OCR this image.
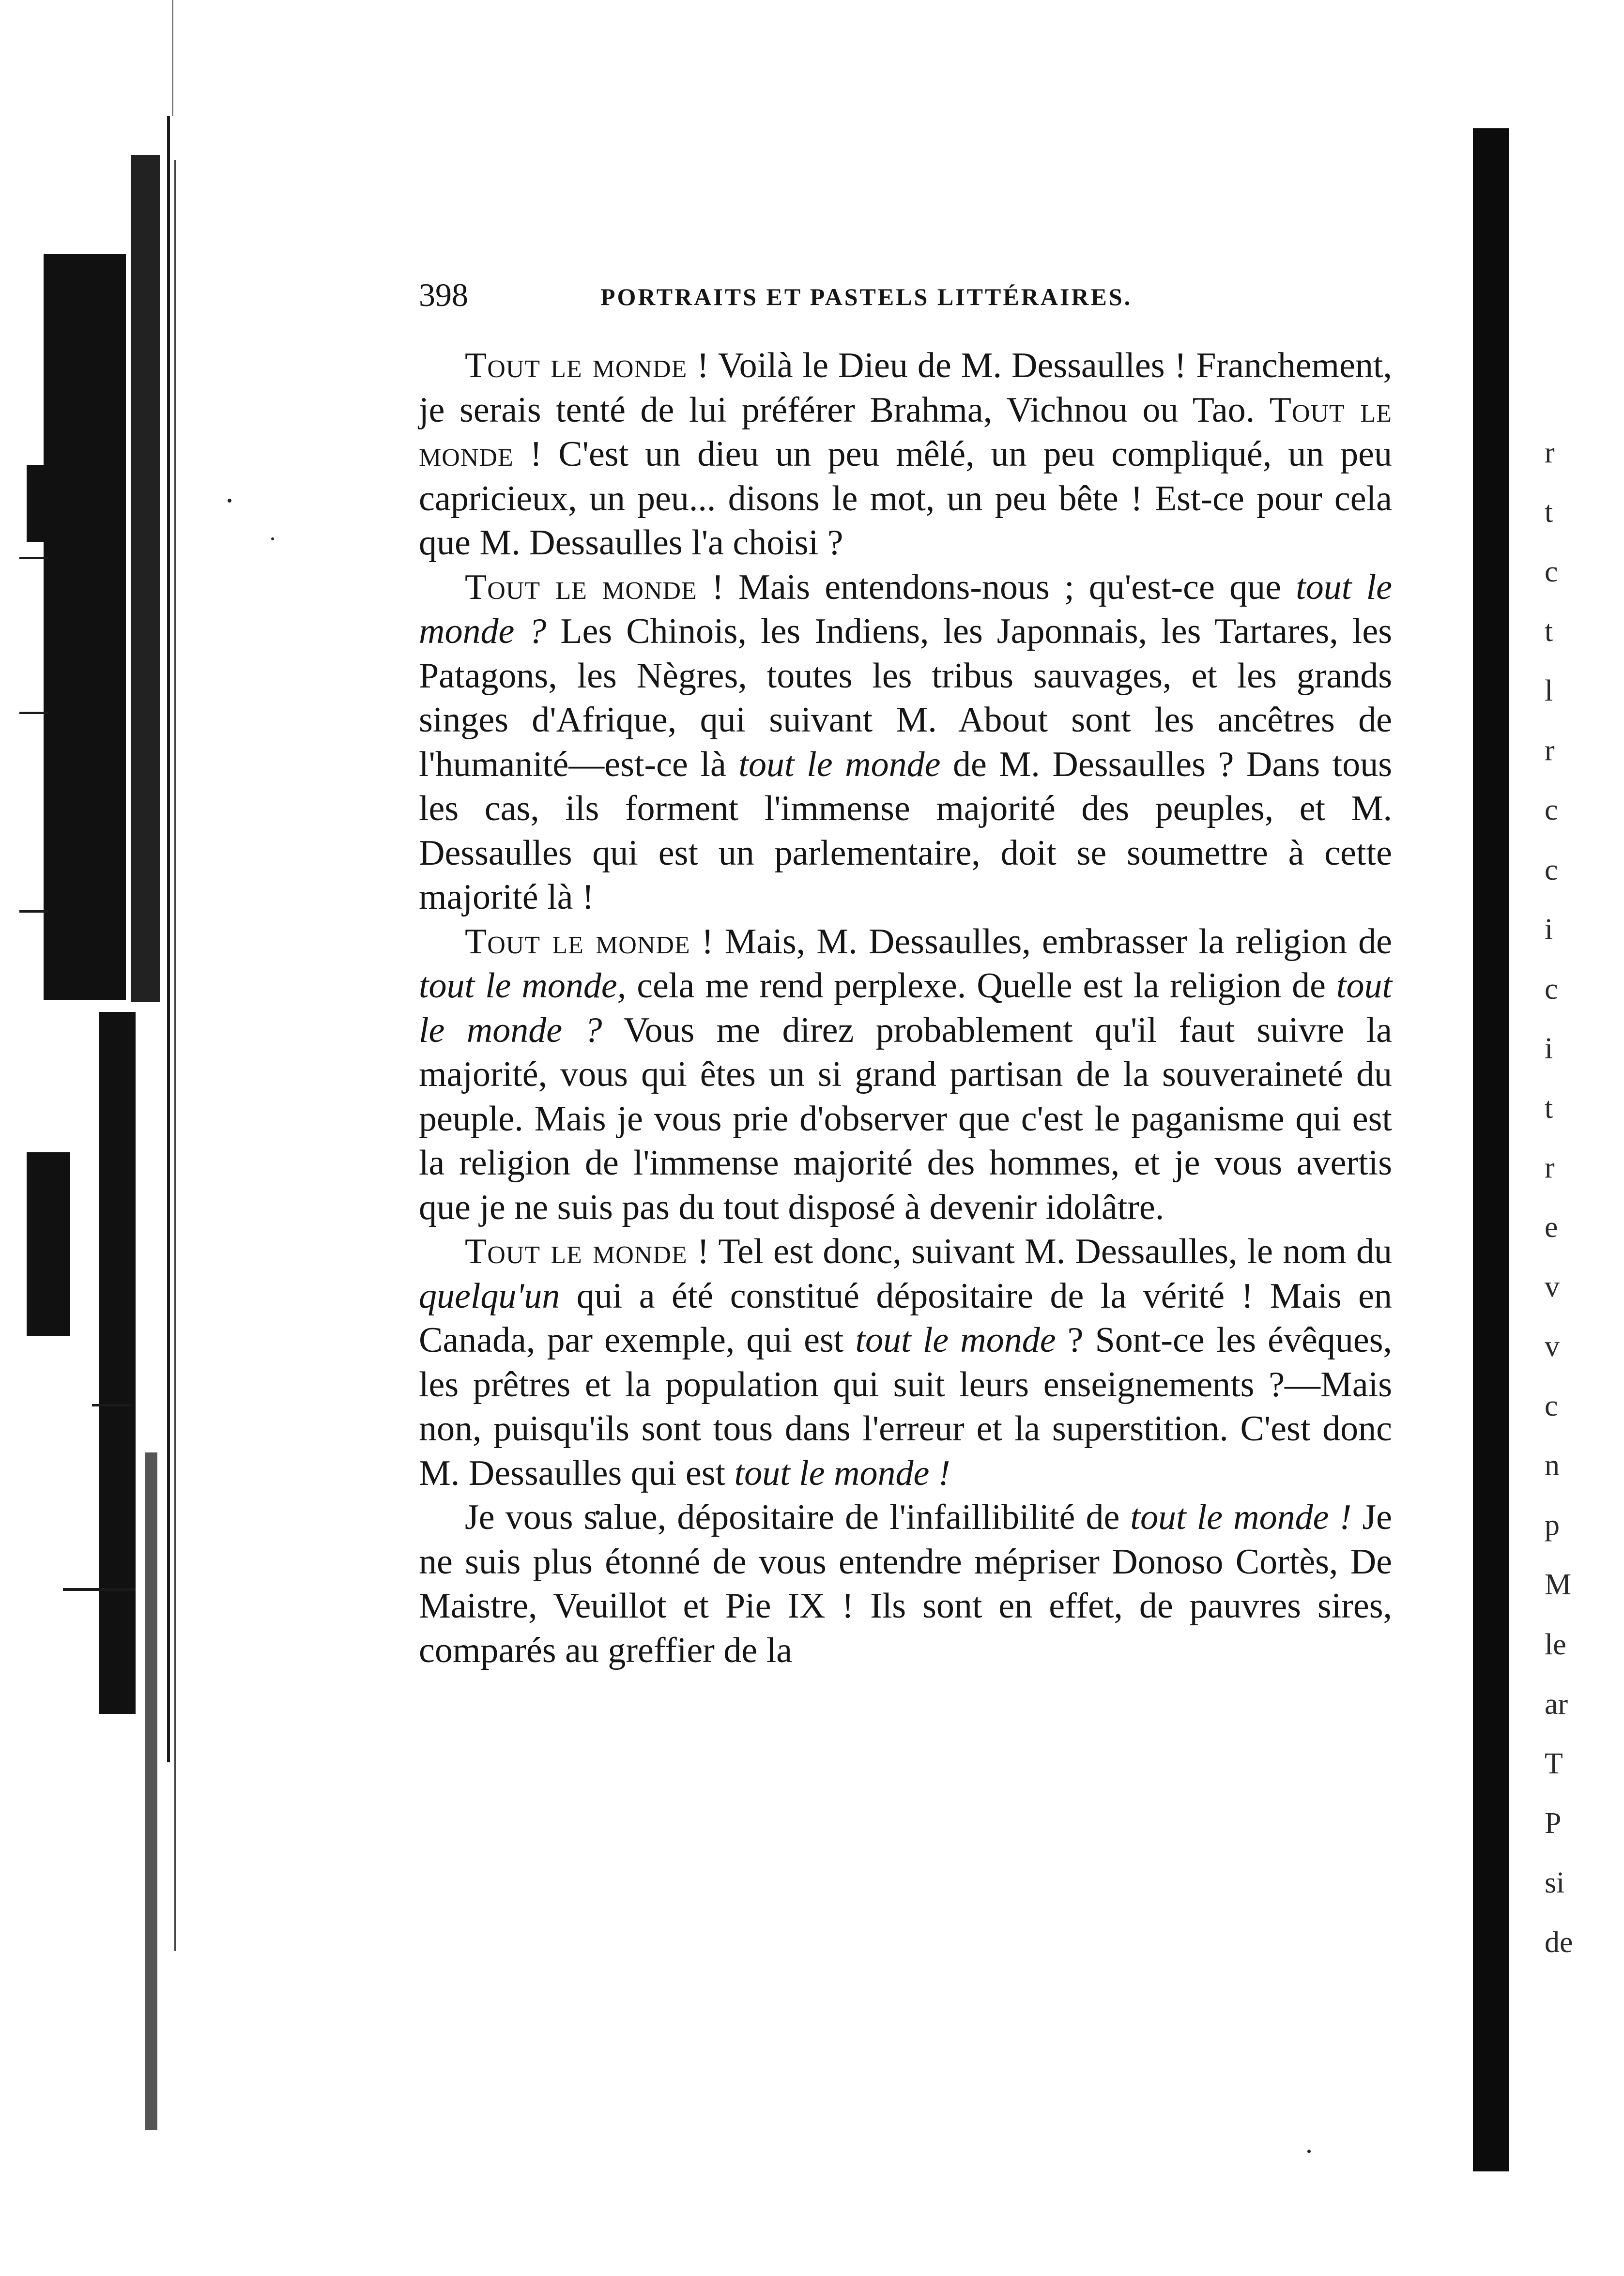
r
t
c
t
l
r
c
c
i
c
i
t
r
e
v
v
c
n
p
M
le
ar
T
P
si
de
398	PORTRAITS ET PASTELS LITTÉRAIRES.

Tout le monde ! Voilà le Dieu de M. Dessaulles ! Franchement, je serais tenté de lui préférer Brahma, Vichnou ou Tao. Tout le monde ! C'est un dieu un peu mêlé, un peu compliqué, un peu capricieux, un peu... disons le mot, un peu bête ! Est-ce pour cela que M. Dessaulles l'a choisi ?

Tout le monde ! Mais entendons-nous ; qu'est-ce que tout le monde ? Les Chinois, les Indiens, les Japonnais, les Tartares, les Patagons, les Nègres, toutes les tribus sauvages, et les grands singes d'Afrique, qui suivant M. About sont les ancêtres de l'humanité—est-ce là tout le monde de M. Dessaulles ? Dans tous les cas, ils forment l'immense majorité des peuples, et M. Dessaulles qui est un parlementaire, doit se soumettre à cette majorité là !

Tout le monde ! Mais, M. Dessaulles, embrasser la religion de tout le monde, cela me rend perplexe. Quelle est la religion de tout le monde ? Vous me direz probablement qu'il faut suivre la majorité, vous qui êtes un si grand partisan de la souveraineté du peuple. Mais je vous prie d'observer que c'est le paganisme qui est la religion de l'immense majorité des hommes, et je vous avertis que je ne suis pas du tout disposé à devenir idolâtre.

Tout le monde ! Tel est donc, suivant M. Dessaulles, le nom du quelqu'un qui a été constitué dépositaire de la vérité ! Mais en Canada, par exemple, qui est tout le monde ? Sont-ce les évêques, les prêtres et la population qui suit leurs enseignements ?—Mais non, puisqu'ils sont tous dans l'erreur et la superstition. C'est donc M. Dessaulles qui est tout le monde !

Je vous salue, dépositaire de l'infaillibilité de tout le monde ! Je ne suis plus étonné de vous entendre mépriser Donoso Cortès, De Maistre, Veuillot et Pie IX ! Ils sont en effet, de pauvres sires, comparés au greffier de la
